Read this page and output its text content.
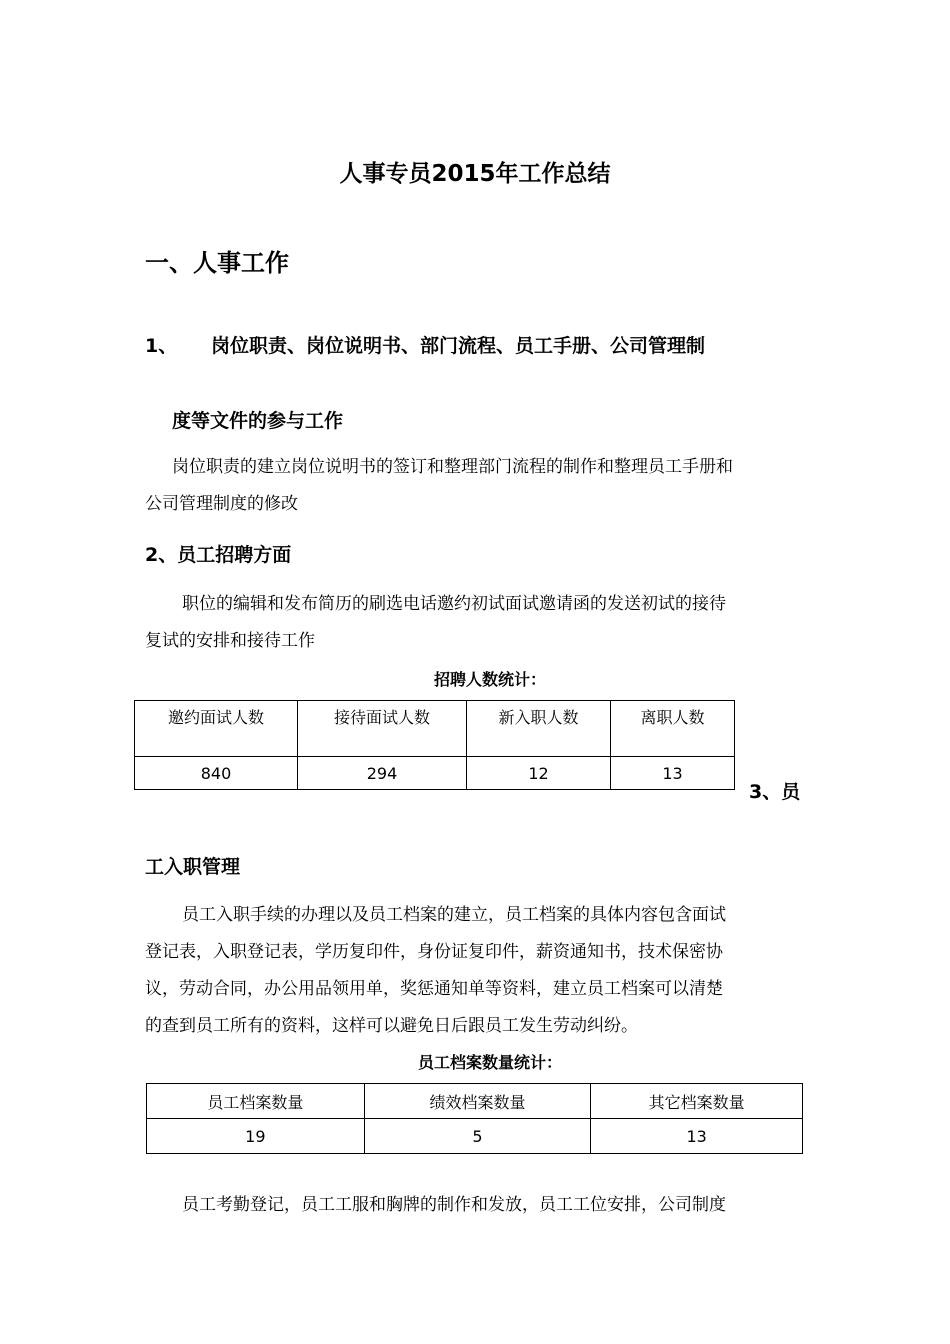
人事专员2015年工作总结
一、人事工作
1、 岗位职责、岗位说明书、部门流程、员工手册、公司管理制
度等文件的参与工作
岗位职责的建立岗位说明书的签订和整理部门流程的制作和整理员工手册和
公司管理制度的修改
2、员工招聘方面
职位的编辑和发布简历的刷选电话邀约初试面试邀请函的发送初试的接待
复试的安排和接待工作
招聘人数统计：
邀约面试人数	接待面试人数	新入职人数	离职人数
840	294	12	13
3、员
工入职管理
员工入职手续的办理以及员工档案的建立，员工档案的具体内容包含面试
登记表，入职登记表，学历复印件，身份证复印件，薪资通知书，技术保密协
议，劳动合同，办公用品领用单，奖惩通知单等资料，建立员工档案可以清楚
的查到员工所有的资料，这样可以避免日后跟员工发生劳动纠纷。
员工档案数量统计：
员工档案数量	绩效档案数量	其它档案数量
19	5	13
员工考勤登记，员工工服和胸牌的制作和发放，员工工位安排，公司制度
